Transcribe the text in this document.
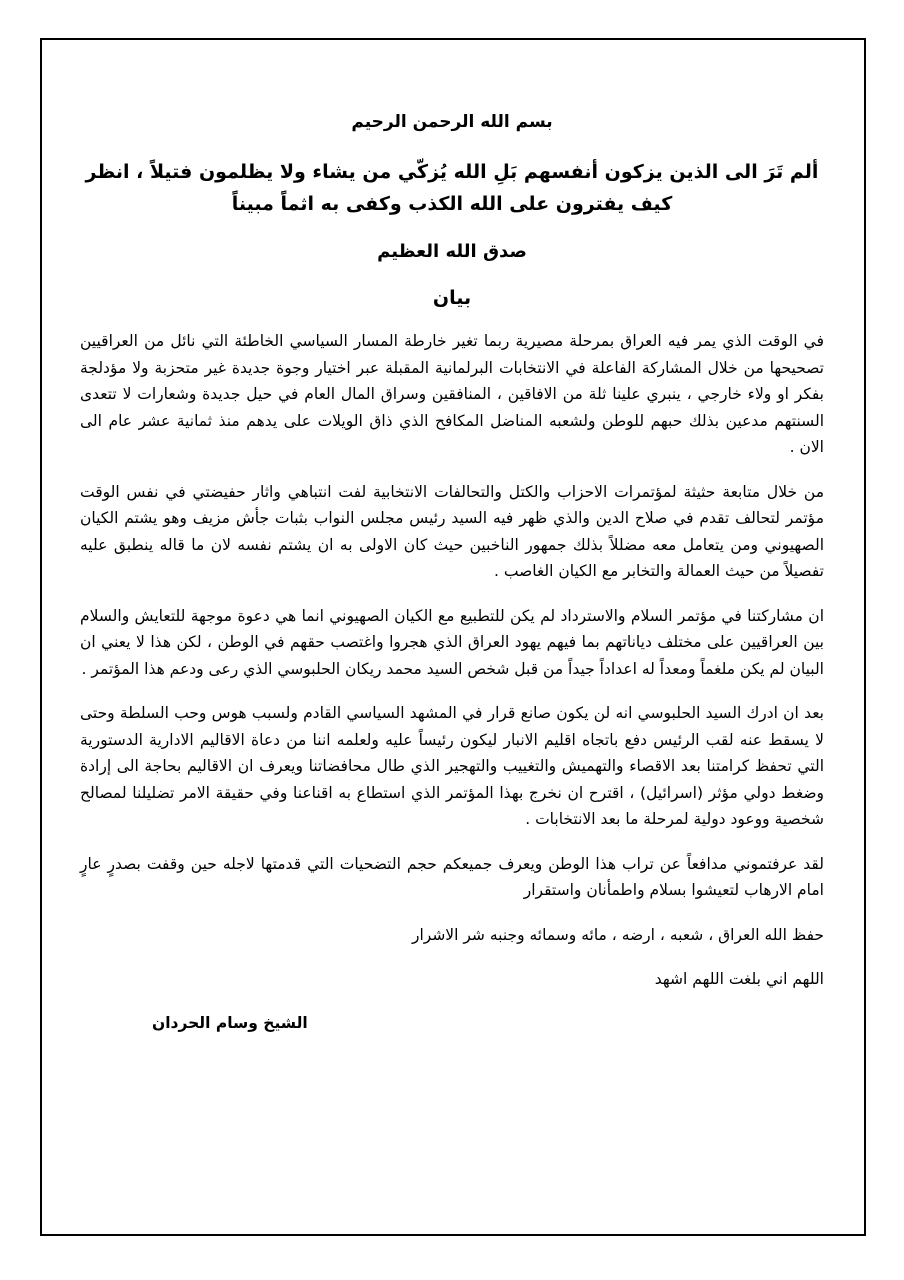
بسم الله الرحمن الرحيم
ألم تَرَ الى الذين يزكون أنفسهم بَلِ الله يُزكّي من يشاء ولا يظلمون فتيلاً ، انظر كيف يفترون على الله الكذب وكفى به اثماً مبيناً
صدق الله العظيم
بيان

في الوقت الذي يمر فيه العراق بمرحلة مصيرية ربما تغير خارطة المسار السياسي الخاطئة التي نائل من العراقيين تصحيحها من خلال المشاركة الفاعلة في الانتخابات البرلمانية المقبلة عبر اختيار وجوة جديدة غير متحزبة ولا مؤدلجة بفكر او ولاء خارجي ، ينبري علينا ثلة من الافاقين ، المنافقين وسراق المال العام في حيل جديدة وشعارات لا تتعدى السنتهم مدعين بذلك حبهم للوطن ولشعبه المناضل المكافح الذي ذاق الويلات على يدهم منذ ثمانية عشر عام الى الان .

من خلال متابعة حثيثة لمؤتمرات الاحزاب والكتل والتحالفات الانتخابية لفت انتباهي واثار حفيضتي في نفس الوقت مؤتمر لتحالف تقدم في صلاح الدين والذي ظهر فيه السيد رئيس مجلس النواب بثبات جأش مزيف وهو يشتم الكيان الصهيوني ومن يتعامل معه مضللاً بذلك جمهور الناخبين حيث كان الاولى به ان يشتم نفسه لان ما قاله ينطبق عليه تفصيلاً من حيث العمالة والتخابر مع الكيان الغاصب .

ان مشاركتنا في مؤتمر السلام والاسترداد لم يكن للتطبيع مع الكيان الصهيوني انما هي دعوة موجهة للتعايش والسلام بين العراقيين على مختلف دياناتهم بما فيهم يهود العراق الذي هجروا واغتصب حقهم في الوطن ، لكن هذا لا يعني ان البيان لم يكن ملغماً ومعداً له اعداداً جيداً من قبل شخص السيد محمد ريكان الحلبوسي الذي رعى ودعم هذا المؤتمر .

بعد ان ادرك السيد الحلبوسي انه لن يكون صانع قرار في المشهد السياسي القادم ولسبب هوس وحب السلطة وحتى لا يسقط عنه لقب الرئيس دفع باتجاه اقليم الانبار ليكون رئيساً عليه ولعلمه اننا من دعاة الاقاليم الادارية الدستورية التي تحفظ كرامتنا بعد الاقصاء والتهميش والتغييب والتهجير الذي طال محافضاتنا ويعرف ان الاقاليم بحاجة الى إرادة وضغط دولي مؤثر (اسرائيل) ، اقترح ان نخرج بهذا المؤتمر الذي استطاع به اقناعنا وفي حقيقة الامر تضليلنا لمصالح شخصية ووعود دولية لمرحلة ما بعد الانتخابات .

لقد عرفتموني مدافعاً عن تراب هذا الوطن ويعرف جميعكم حجم التضحيات التي قدمتها لاجله حين وقفت بصدرٍ عارٍ امام الارهاب لتعيشوا بسلام واطمأنان واستقرار

حفظ الله العراق ، شعبه ، ارضه ، مائه وسمائه وجنبه شر الاشرار

اللهم اني بلغت اللهم اشهد

الشيخ وسام الحردان
